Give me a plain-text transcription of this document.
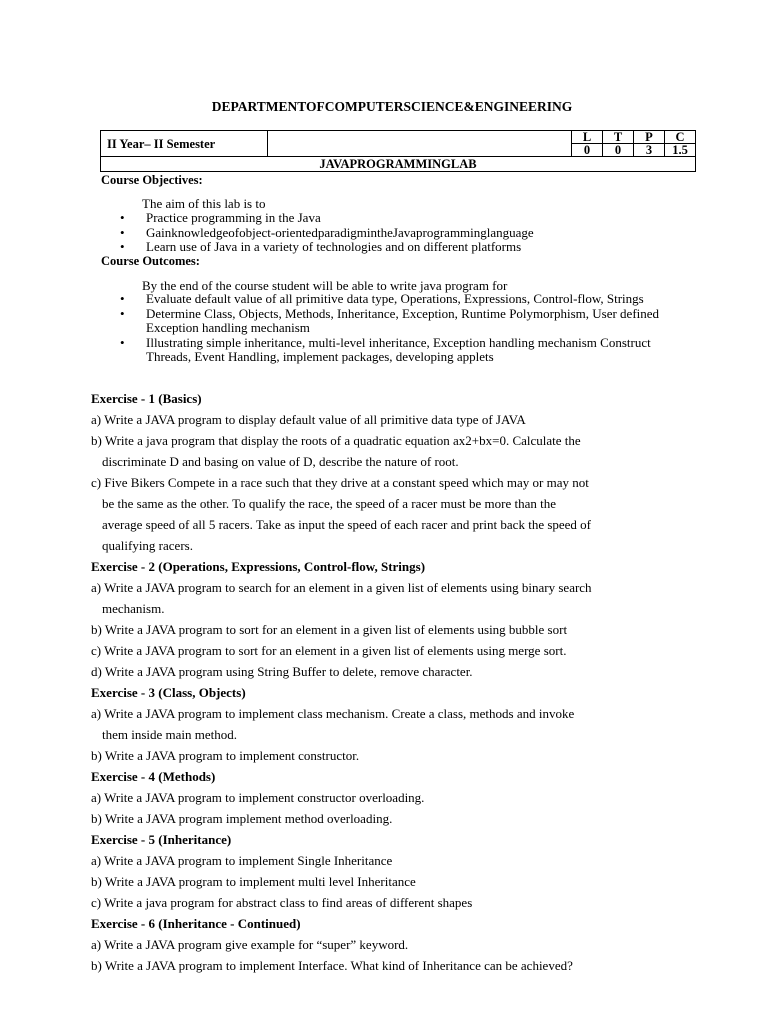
DEPARTMENTOFCOMPUTERSCIENCE&ENGINEERING
II Year– II Semester		L	T	P	C
		0	0	3	1.5
JAVAPROGRAMMINGLAB					
Course Objectives:
The aim of this lab is to
• Practice programming in the Java
• Gainknowledgeofobject-orientedparadigmintheJavaprogramminglanguage
• Learn use of Java in a variety of technologies and on different platforms
Course Outcomes:
By the end of the course student will be able to write java program for
• Evaluate default value of all primitive data type, Operations, Expressions, Control-flow, Strings
• Determine Class, Objects, Methods, Inheritance, Exception, Runtime Polymorphism, User defined Exception handling mechanism
• Illustrating simple inheritance, multi-level inheritance, Exception handling mechanism Construct Threads, Event Handling, implement packages, developing applets
Exercise - 1 (Basics)
a) Write a JAVA program to display default value of all primitive data type of JAVA
b) Write a java program that display the roots of a quadratic equation ax2+bx=0. Calculate the
discriminate D and basing on value of D, describe the nature of root.
c) Five Bikers Compete in a race such that they drive at a constant speed which may or may not
be the same as the other. To qualify the race, the speed of a racer must be more than the
average speed of all 5 racers. Take as input the speed of each racer and print back the speed of
qualifying racers.
Exercise - 2 (Operations, Expressions, Control-flow, Strings)
a) Write a JAVA program to search for an element in a given list of elements using binary search
mechanism.
b) Write a JAVA program to sort for an element in a given list of elements using bubble sort
c) Write a JAVA program to sort for an element in a given list of elements using merge sort.
d) Write a JAVA program using String Buffer to delete, remove character.
Exercise - 3 (Class, Objects)
a) Write a JAVA program to implement class mechanism. Create a class, methods and invoke
them inside main method.
b) Write a JAVA program to implement constructor.
Exercise - 4 (Methods)
a) Write a JAVA program to implement constructor overloading.
b) Write a JAVA program implement method overloading.
Exercise - 5 (Inheritance)
a) Write a JAVA program to implement Single Inheritance
b) Write a JAVA program to implement multi level Inheritance
c) Write a java program for abstract class to find areas of different shapes
Exercise - 6 (Inheritance - Continued)
a) Write a JAVA program give example for “super” keyword.
b) Write a JAVA program to implement Interface. What kind of Inheritance can be achieved?
